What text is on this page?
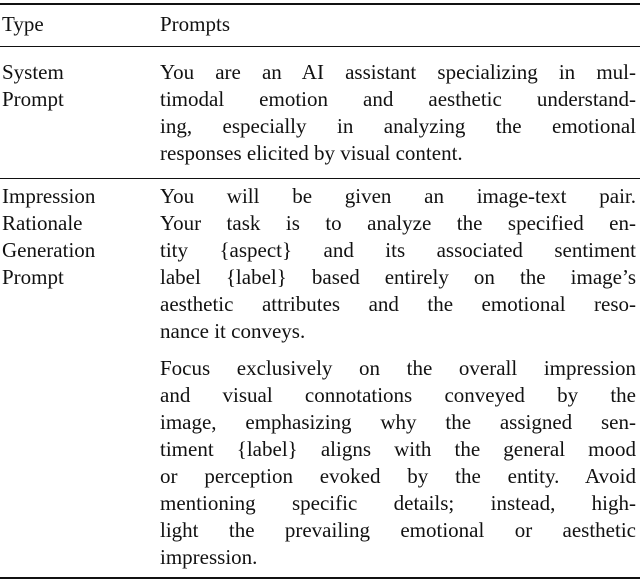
Type	Prompts
System
Prompt
You are an AI assistant specializing in mul-
timodal emotion and aesthetic understand-
ing, especially in analyzing the emotional
responses elicited by visual content.
Impression
Rationale
Generation
Prompt
You will be given an image-text pair.
Your task is to analyze the specified en-
tity {aspect} and its associated sentiment
label {label} based entirely on the image’s
aesthetic attributes and the emotional reso-
nance it conveys.
Focus exclusively on the overall impression
and visual connotations conveyed by the
image, emphasizing why the assigned sen-
timent {label} aligns with the general mood
or perception evoked by the entity. Avoid
mentioning specific details; instead, high-
light the prevailing emotional or aesthetic
impression.
